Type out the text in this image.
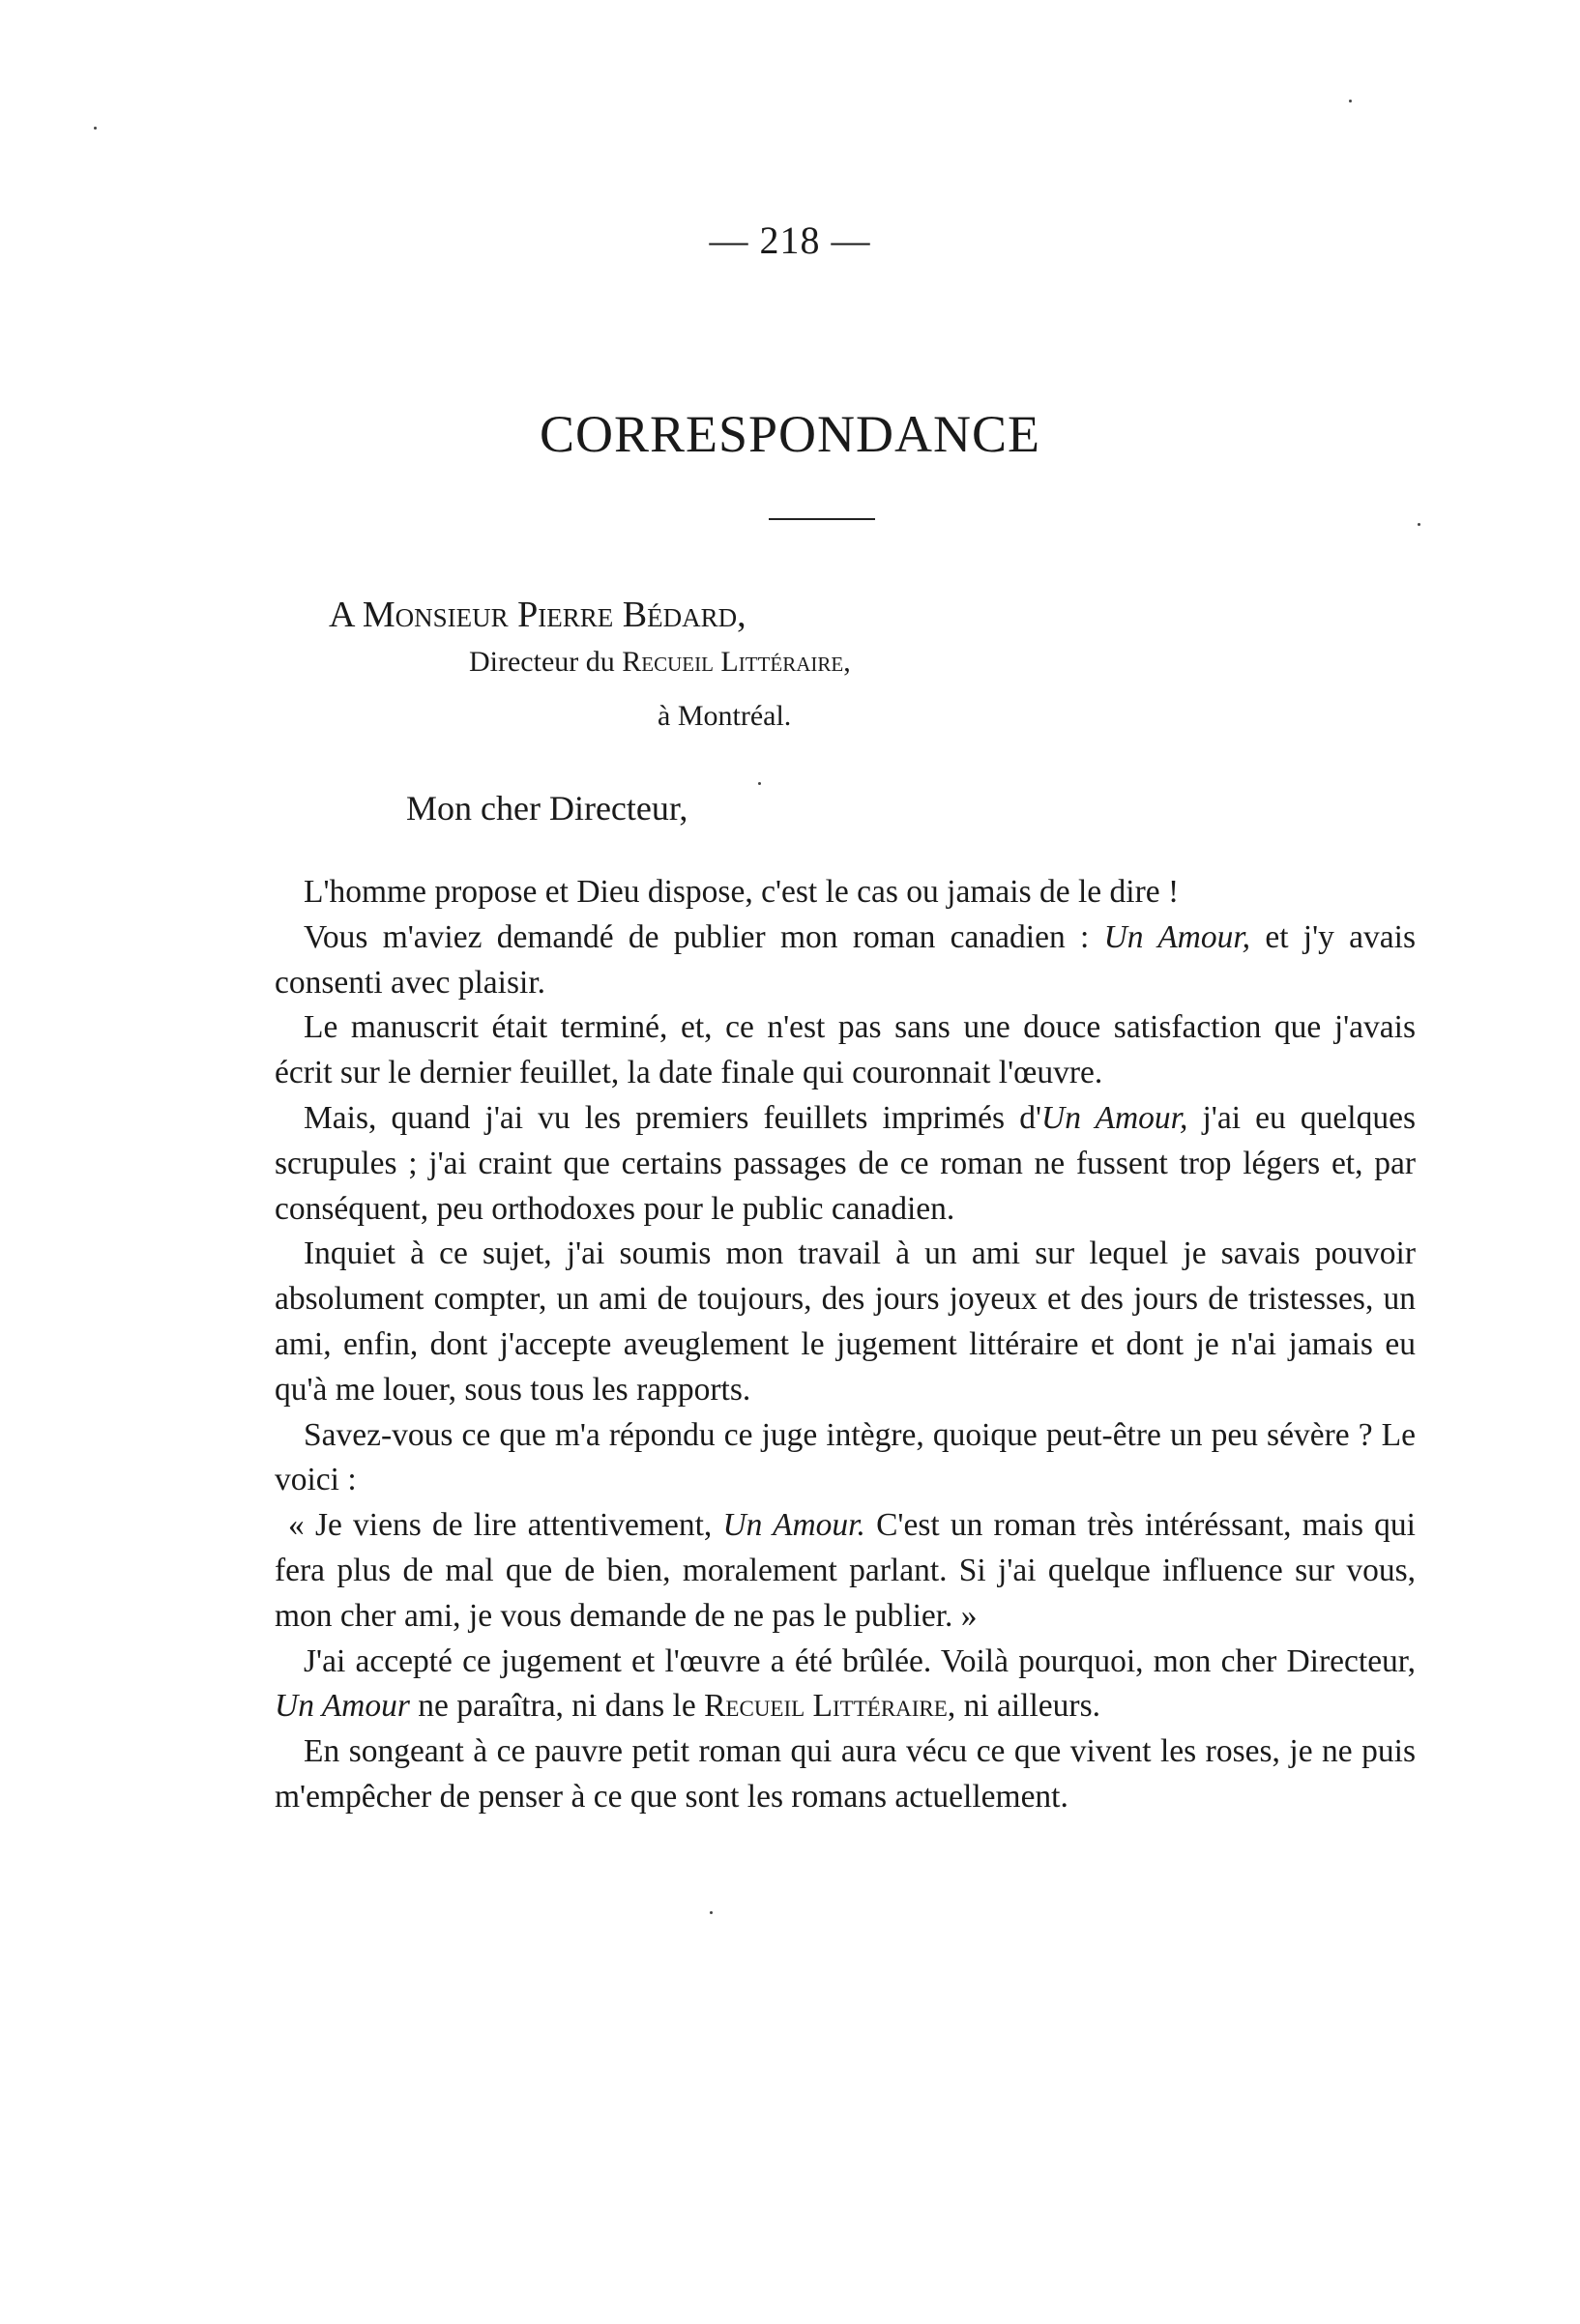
— 218 —
CORRESPONDANCE
A Monsieur Pierre Bédard,
Directeur du Recueil Littéraire,
à Montréal.
Mon cher Directeur,

L'homme propose et Dieu dispose, c'est le cas ou jamais de le dire !

Vous m'aviez demandé de publier mon roman canadien : Un Amour, et j'y avais consenti avec plaisir.

Le manuscrit était terminé, et, ce n'est pas sans une douce satisfaction que j'avais écrit sur le dernier feuillet, la date finale qui couronnait l'œuvre.

Mais, quand j'ai vu les premiers feuillets imprimés d'Un Amour, j'ai eu quelques scrupules ; j'ai craint que certains passages de ce roman ne fussent trop légers et, par conséquent, peu orthodoxes pour le public canadien.

Inquiet à ce sujet, j'ai soumis mon travail à un ami sur lequel je savais pouvoir absolument compter, un ami de toujours, des jours joyeux et des jours de tristesses, un ami, enfin, dont j'accepte aveuglement le jugement littéraire et dont je n'ai jamais eu qu'à me louer, sous tous les rapports.

Savez-vous ce que m'a répondu ce juge intègre, quoique peut-être un peu sévère ? Le voici :

« Je viens de lire attentivement, Un Amour. C'est un roman très intéréssant, mais qui fera plus de mal que de bien, moralement parlant. Si j'ai quelque influence sur vous, mon cher ami, je vous demande de ne pas le publier. »

J'ai accepté ce jugement et l'œuvre a été brûlée. Voilà pourquoi, mon cher Directeur, Un Amour ne paraîtra, ni dans le Recueil Littéraire, ni ailleurs.

En songeant à ce pauvre petit roman qui aura vécu ce que vivent les roses, je ne puis m'empêcher de penser à ce que sont les romans actuellement.
